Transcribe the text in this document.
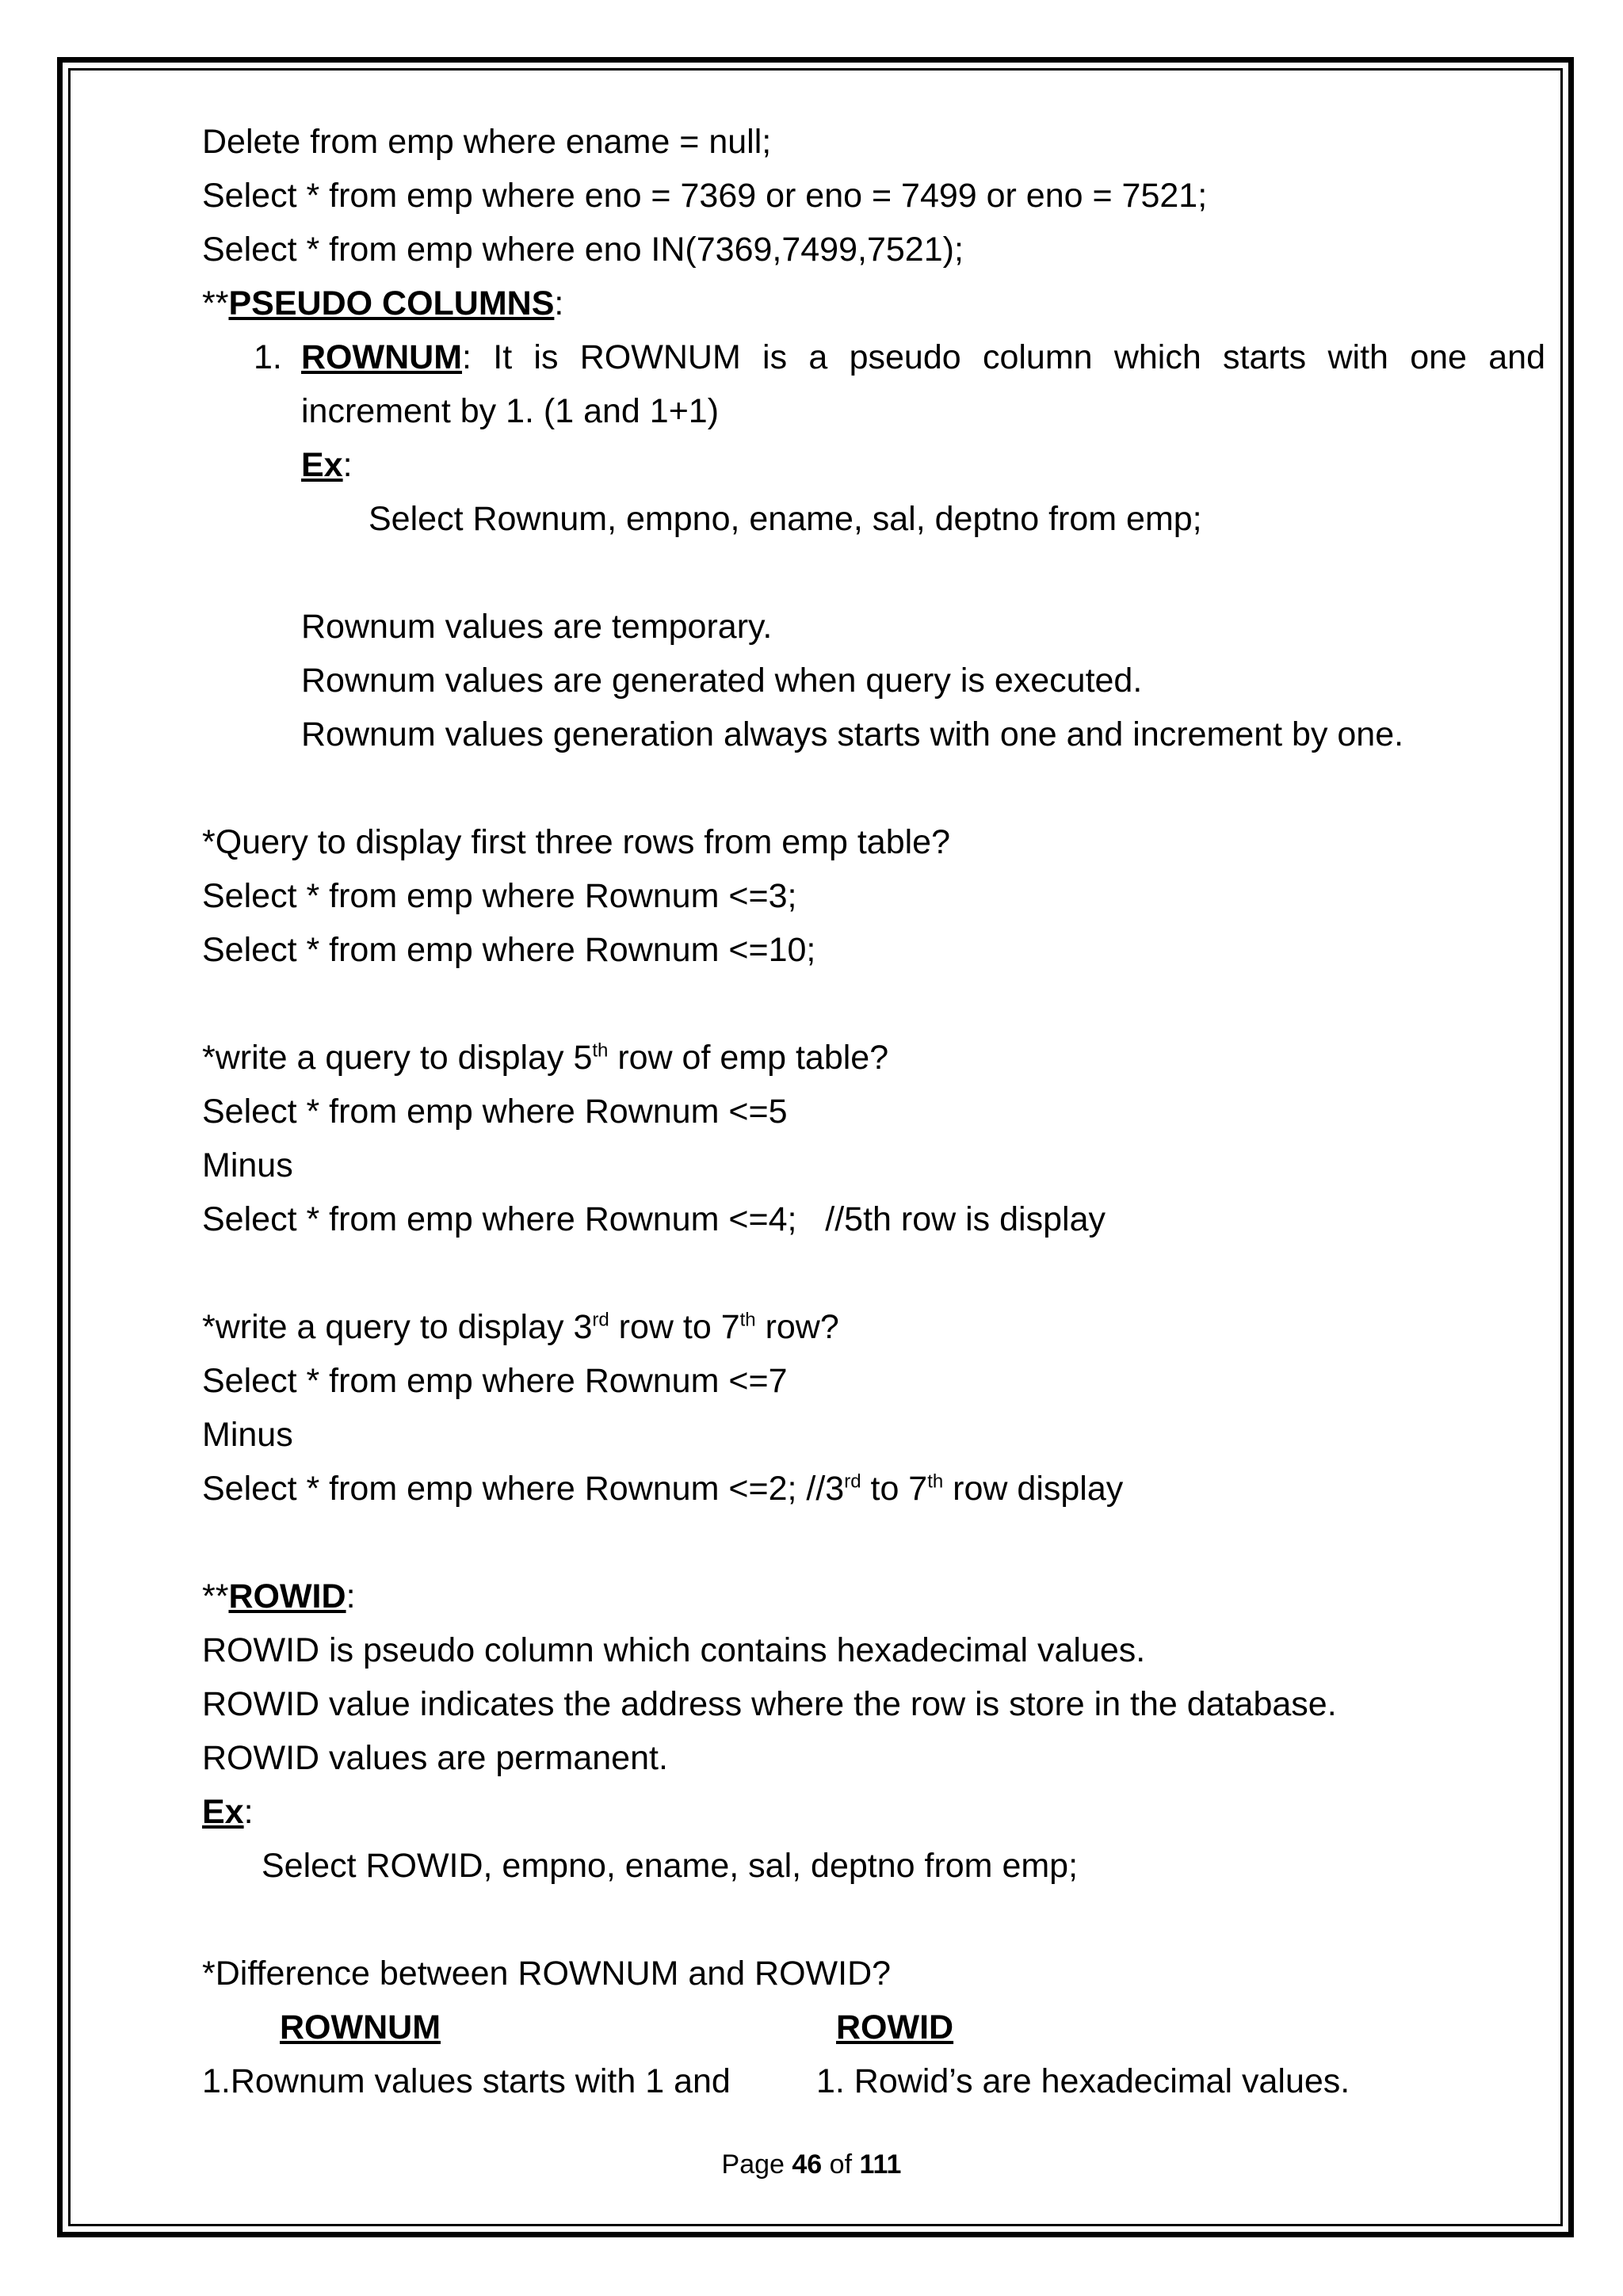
Delete from emp where ename = null;
Select * from emp where eno = 7369 or eno = 7499 or eno = 7521;
Select * from emp where eno IN(7369,7499,7521);
**PSEUDO COLUMNS:
1. ROWNUM: It is ROWNUM is a pseudo column which starts with one and
increment by 1. (1 and 1+1)
Ex:
Select Rownum, empno, ename, sal, deptno from emp;
Rownum values are temporary.
Rownum values are generated when query is executed.
Rownum values generation always starts with one and increment by one.
*Query to display first three rows from emp table?
Select * from emp where Rownum <=3;
Select * from emp where Rownum <=10;
*write a query to display 5th row of emp table?
Select * from emp where Rownum <=5
Minus
Select * from emp where Rownum <=4;   //5th row is display
*write a query to display 3rd row to 7th row?
Select * from emp where Rownum <=7
Minus
Select * from emp where Rownum <=2; //3rd to 7th row display
**ROWID:
ROWID is pseudo column which contains hexadecimal values.
ROWID value indicates the address where the row is store in the database.
ROWID values are permanent.
Ex:
Select ROWID, empno, ename, sal, deptno from emp;
*Difference between ROWNUM and ROWID?
ROWNUM	ROWID
1.Rownum values starts with 1 and	1. Rowid’s are hexadecimal values.
Page 46 of 111
